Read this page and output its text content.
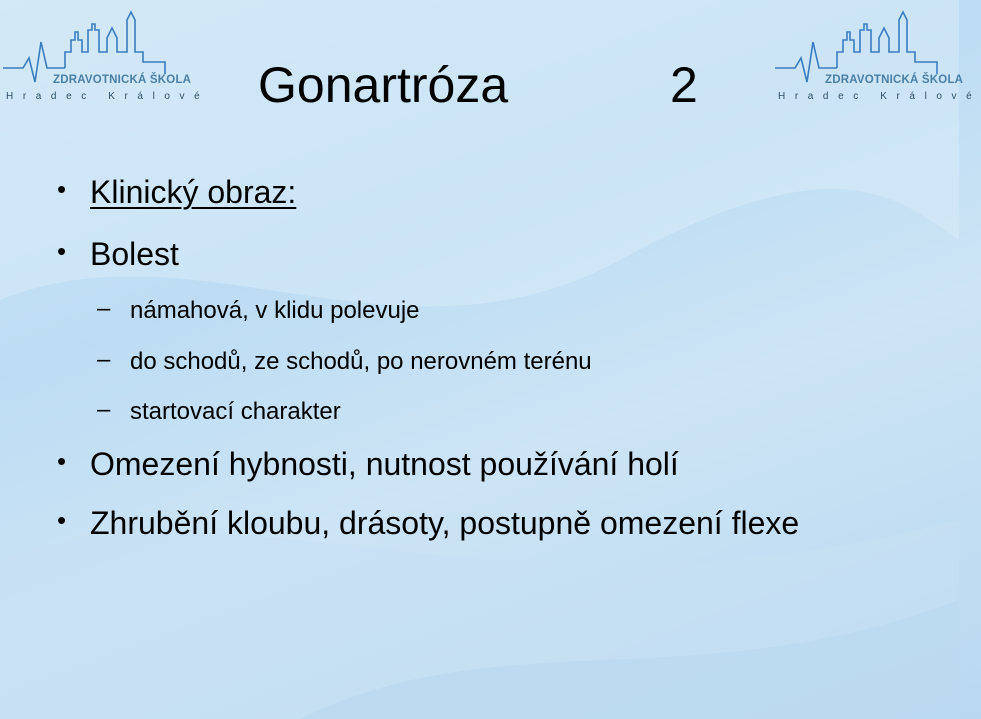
ZDRAVOTNICKÁ ŠKOLA
Hradec Králové
ZDRAVOTNICKÁ ŠKOLA
Hradec Králové
Gonartróza	2
• Klinický obraz:
• Bolest
– námahová, v klidu polevuje
– do schodů, ze schodů, po nerovném terénu
– startovací charakter
• Omezení hybnosti, nutnost používání holí
• Zhrubění kloubu, drásoty, postupně omezení flexe
